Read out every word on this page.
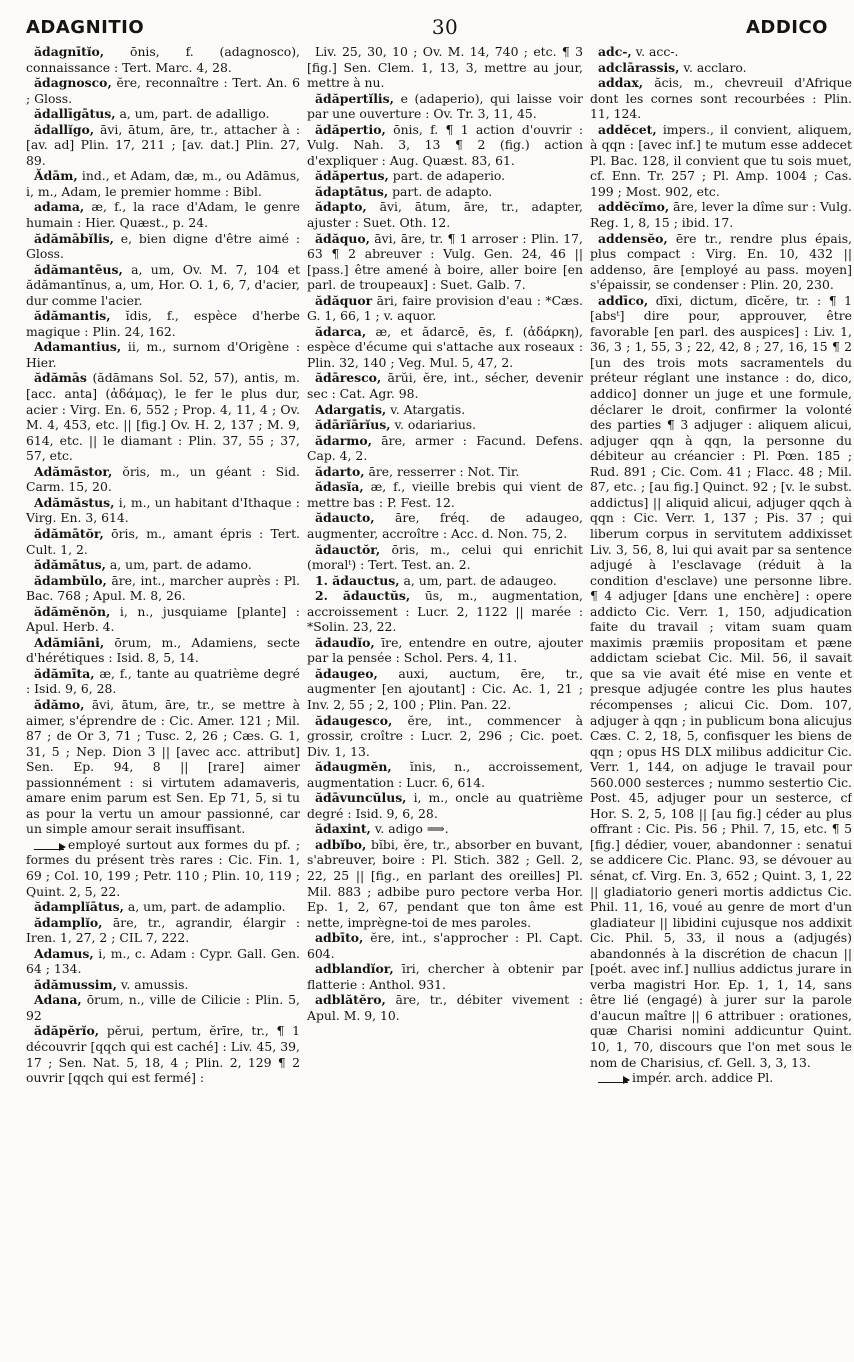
ADAGNITIO	30	ADDICO

ădagnītĭo, ōnis, f. (adagnosco), connaissance : Tert. Marc. 4, 28.

ădagnosco, ĕre, reconnaître : Tert. An. 6 ; Gloss.

ădallīgātus, a, um, part. de adalligo.

ădallĭgo, āvi, ātum, āre, tr., attacher à : [av. ad] Plin. 17, 211 ; [av. dat.] Plin. 27, 89.

Ădām, ind., et Adam, dæ, m., ou Adāmus, i, m., Adam, le premier homme : Bibl.

adama, æ, f., la race d'Adam, le genre humain : Hier. Quæst., p. 24.

ădămābĭlis, e, bien digne d'être aimé : Gloss.

ădămantēus, a, um, Ov. M. 7, 104 et ădămantĭnus, a, um, Hor. O. 1, 6, 7, d'acier, dur comme l'acier.

ădămantis, ĭdis, f., espèce d'herbe magique : Plin. 24, 162.

Adamantius, ii, m., surnom d'Origène : Hier.

ădămās (ădāmans Sol. 52, 57), antis, m. [acc. anta] (ἀδάμας), le fer le plus dur, acier : Virg. En. 6, 552 ; Prop. 4, 11, 4 ; Ov. M. 4, 453, etc. || [fig.] Ov. H. 2, 137 ; M. 9, 614, etc. || le diamant : Plin. 37, 55 ; 37, 57, etc.

Adămāstor, ŏris, m., un géant : Sid. Carm. 15, 20.

Adămăstus, i, m., un habitant d'Ithaque : Virg. En. 3, 614.

ădămātŏr, ōris, m., amant épris : Tert. Cult. 1, 2.

ădămātus, a, um, part. de adamo.

ădambŭlo, āre, int., marcher auprès : Pl. Bac. 768 ; Apul. M. 8, 26.

ădămĕnŏn, i, n., jusquiame [plante] : Apul. Herb. 4.

Adămiāni, ōrum, m., Adamiens, secte d'hérétiques : Isid. 8, 5, 14.

ădămīta, æ, f., tante au quatrième degré : Isid. 9, 6, 28.

ădămo, āvi, ātum, āre, tr., se mettre à aimer, s'éprendre de : Cic. Amer. 121 ; Mil. 87 ; de Or 3, 71 ; Tusc. 2, 26 ; Cæs. G. 1, 31, 5 ; Nep. Dion 3 || [avec acc. attribut] Sen. Ep. 94, 8 || [rare] aimer passionnément : si virtutem adamaveris, amare enim parum est Sen. Ep 71, 5, si tu as pour la vertu un amour passionné, car un simple amour serait insuffisant.

employé surtout aux formes du pf. ; formes du présent très rares : Cic. Fin. 1, 69 ; Col. 10, 199 ; Petr. 110 ; Plin. 10, 119 ; Quint. 2, 5, 22.

ădamplĭātus, a, um, part. de adamplio.

ădamplĭo, āre, tr., agrandir, élargir : Iren. 1, 27, 2 ; CIL 7, 222.

Adamus, i, m., c. Adam : Cypr. Gall. Gen. 64 ; 134.

ădămussim, v. amussis.

Adana, ōrum, n., ville de Cilicie : Plin. 5, 92

ădăpĕrĭo, pĕrui, pertum, ĕrīre, tr., ¶ 1 découvrir [qqch qui est caché] : Liv. 45, 39, 17 ; Sen. Nat. 5, 18, 4 ; Plin. 2, 129 ¶ 2 ouvrir [qqch qui est fermé] :

Liv. 25, 30, 10 ; Ov. M. 14, 740 ; etc. ¶ 3 [fig.] Sen. Clem. 1, 13, 3, mettre au jour, mettre à nu.

ădăpertĭlis, e (adaperio), qui laisse voir par une ouverture : Ov. Tr. 3, 11, 45.

ădăpertio, ōnis, f. ¶ 1 action d'ouvrir : Vulg. Nah. 3, 13 ¶ 2 (fig.) action d'expliquer : Aug. Quæst. 83, 61.

ădăpertus, part. de adaperio.

ădaptātus, part. de adapto.

ădapto, āvi, ātum, āre, tr., adapter, ajuster : Suet. Oth. 12.

ădăquo, āvi, āre, tr. ¶ 1 arroser : Plin. 17, 63 ¶ 2 abreuver : Vulg. Gen. 24, 46 || [pass.] être amené à boire, aller boire [en parl. de troupeaux] : Suet. Galb. 7.

ădăquor āri, faire provision d'eau : *Cæs. G. 1, 66, 1 ; v. aquor.

ădarca, æ, et ădarcē, ēs, f. (ἀδάρκη), espèce d'écume qui s'attache aux roseaux : Plin. 32, 140 ; Veg. Mul. 5, 47, 2.

ădāresco, ārŭi, ĕre, int., sécher, devenir sec : Cat. Agr. 98.

Adargatis, v. Atargatis.

ădārĭārĭus, v. odariarius.

ădarmo, āre, armer : Facund. Defens. Cap. 4, 2.

ădarto, āre, resserrer : Not. Tir.

ădasĭa, æ, f., vieille brebis qui vient de mettre bas : P. Fest. 12.

ădaucto, āre, fréq. de adaugeo, augmenter, accroître : Acc. d. Non. 75, 2.

ădauctŏr, ōris, m., celui qui enrichit (moralᵗ) : Tert. Test. an. 2.

1. ădauctus, a, um, part. de adaugeo.

2. ădauctŭs, ūs, m., augmentation, accroissement : Lucr. 2, 1122 || marée : *Solin. 23, 22.

ădaudĭo, īre, entendre en outre, ajouter par la pensée : Schol. Pers. 4, 11.

ădaugeo, auxi, auctum, ēre, tr., augmenter [en ajoutant] : Cic. Ac. 1, 21 ; Inv. 2, 55 ; 2, 100 ; Plin. Pan. 22.

ădaugesco, ĕre, int., commencer à grossir, croître : Lucr. 2, 296 ; Cic. poet. Div. 1, 13.

ădaugmĕn, ĭnis, n., accroissement, augmentation : Lucr. 6, 614.

ădāvuncŭlus, i, m., oncle au quatrième degré : Isid. 9, 6, 28.

ădaxint, v. adigo ⟹.

adbĭbo, bĭbi, ĕre, tr., absorber en buvant, s'abreuver, boire : Pl. Stich. 382 ; Gell. 2, 22, 25 || [fig., en parlant des oreilles] Pl. Mil. 883 ; adbibe puro pectore verba Hor. Ep. 1, 2, 67, pendant que ton âme est nette, imprègne-toi de mes paroles.

adbīto, ĕre, int., s'approcher : Pl. Capt. 604.

adblandĭor, īri, chercher à obtenir par flatterie : Anthol. 931.

adblătĕro, āre, tr., débiter vivement : Apul. M. 9, 10.

adc-, v. acc-.

adclārassis, v. acclaro.

addax, ăcis, m., chevreuil d'Afrique dont les cornes sont recourbées : Plin. 11, 124.

addĕcet, impers., il convient, aliquem, à qqn : [avec inf.] te mutum esse addecet Pl. Bac. 128, il convient que tu sois muet, cf. Enn. Tr. 257 ; Pl. Amp. 1004 ; Cas. 199 ; Most. 902, etc.

addĕcĭmo, āre, lever la dîme sur : Vulg. Reg. 1, 8, 15 ; ibid. 17.

addensĕo, ēre tr., rendre plus épais, plus compact : Virg. En. 10, 432 || addenso, āre [employé au pass. moyen] s'épaissir, se condenser : Plin. 20, 230.

addīco, dīxi, dictum, dīcĕre, tr. : ¶ 1 [absᵗ] dire pour, approuver, être favorable [en parl. des auspices] : Liv. 1, 36, 3 ; 1, 55, 3 ; 22, 42, 8 ; 27, 16, 15 ¶ 2 [un des trois mots sacramentels du préteur réglant une instance : do, dico, addico] donner un juge et une formule, déclarer le droit, confirmer la volonté des parties ¶ 3 adjuger : aliquem alicui, adjuger qqn à qqn, la personne du débiteur au créancier : Pl. Pœn. 185 ; Rud. 891 ; Cic. Com. 41 ; Flacc. 48 ; Mil. 87, etc. ; [au fig.] Quinct. 92 ; [v. le subst. addictus] || aliquid alicui, adjuger qqch à qqn : Cic. Verr. 1, 137 ; Pis. 37 ; qui liberum corpus in servitutem addixisset Liv. 3, 56, 8, lui qui avait par sa sentence adjugé à l'esclavage (réduit à la condition d'esclave) une personne libre. ¶ 4 adjuger [dans une enchère] : opere addicto Cic. Verr. 1, 150, adjudication faite du travail ; vitam suam quam maximis præmiis propositam et pæne addictam sciebat Cic. Mil. 56, il savait que sa vie avait été mise en vente et presque adjugée contre les plus hautes récompenses ; alicui Cic. Dom. 107, adjuger à qqn ; in publicum bona alicujus Cæs. C. 2, 18, 5, confisquer les biens de qqn ; opus HS DLX milibus addicitur Cic. Verr. 1, 144, on adjuge le travail pour 560.000 sesterces ; nummo sestertio Cic. Post. 45, adjuger pour un sesterce, cf Hor. S. 2, 5, 108 || [au fig.] céder au plus offrant : Cic. Pis. 56 ; Phil. 7, 15, etc. ¶ 5 [fig.] dédier, vouer, abandonner : senatui se addicere Cic. Planc. 93, se dévouer au sénat, cf. Virg. En. 3, 652 ; Quint. 3, 1, 22 || gladiatorio generi mortis addictus Cic. Phil. 11, 16, voué au genre de mort d'un gladiateur || libidini cujusque nos addixit Cic. Phil. 5, 33, il nous a (adjugés) abandonnés à la discrétion de chacun || [poét. avec inf.] nullius addictus jurare in verba magistri Hor. Ep. 1, 1, 14, sans être lié (engagé) à jurer sur la parole d'aucun maître || 6 attribuer : orationes, quæ Charisi nomini addicuntur Quint. 10, 1, 70, discours que l'on met sous le nom de Charisius, cf. Gell. 3, 3, 13.

impér. arch. addice Pl.
